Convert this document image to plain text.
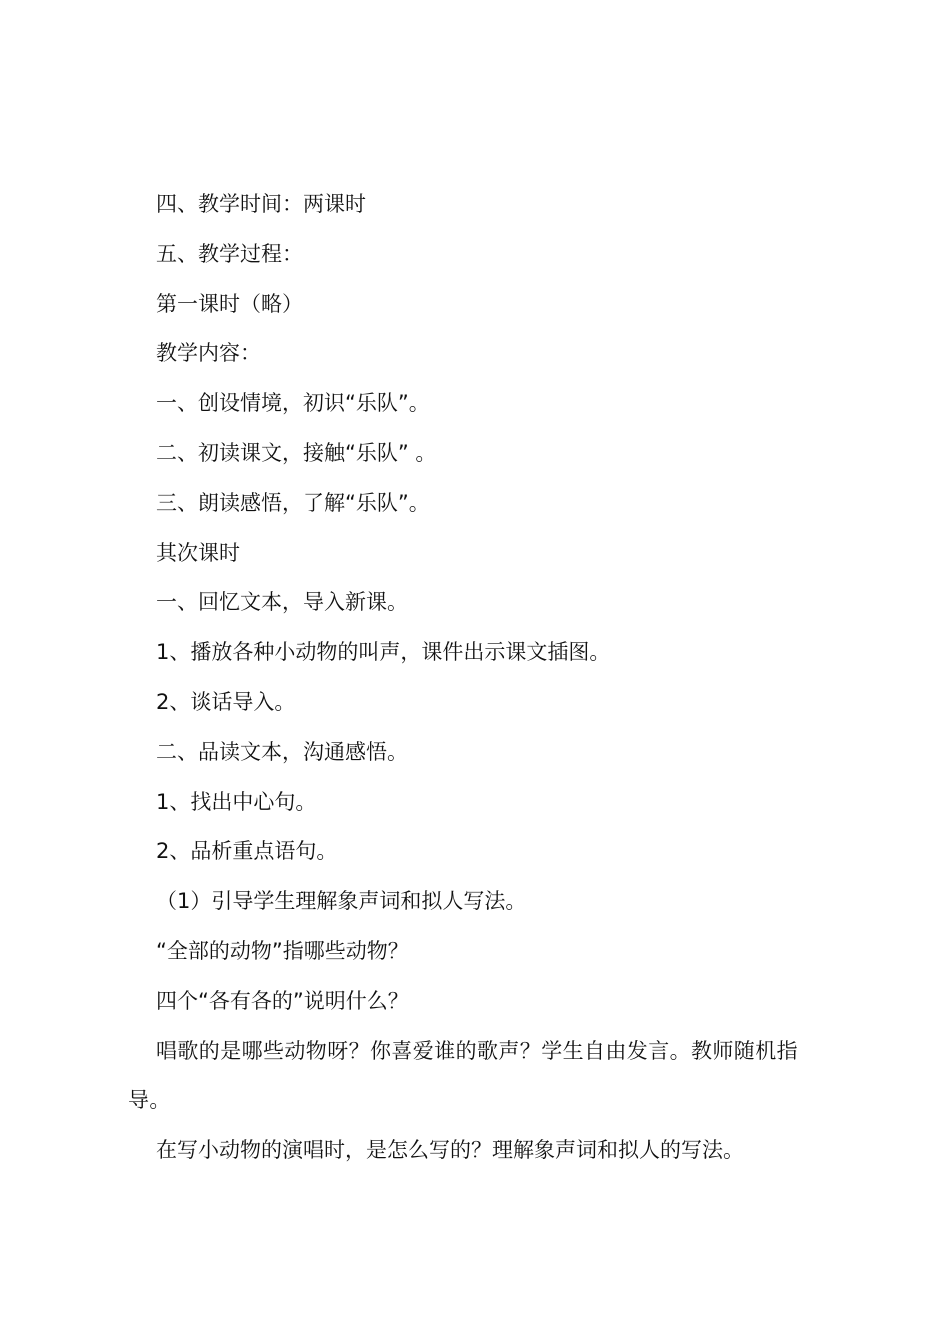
四、教学时间：两课时

五、教学过程：

第一课时（略）

教学内容：

一、创设情境，初识“乐队”。

二、初读课文，接触“乐队” 。

三、朗读感悟，了解“乐队”。

其次课时

一、回忆文本，导入新课。

1、播放各种小动物的叫声，课件出示课文插图。

2、谈话导入。

二、品读文本，沟通感悟。

1、找出中心句。

2、品析重点语句。

（1）引导学生理解象声词和拟人写法。

“全部的动物”指哪些动物？

四个“各有各的”说明什么？

唱歌的是哪些动物呀？你喜爱谁的歌声？学生自由发言。教师随机指导。

在写小动物的演唱时，是怎么写的？理解象声词和拟人的写法。
